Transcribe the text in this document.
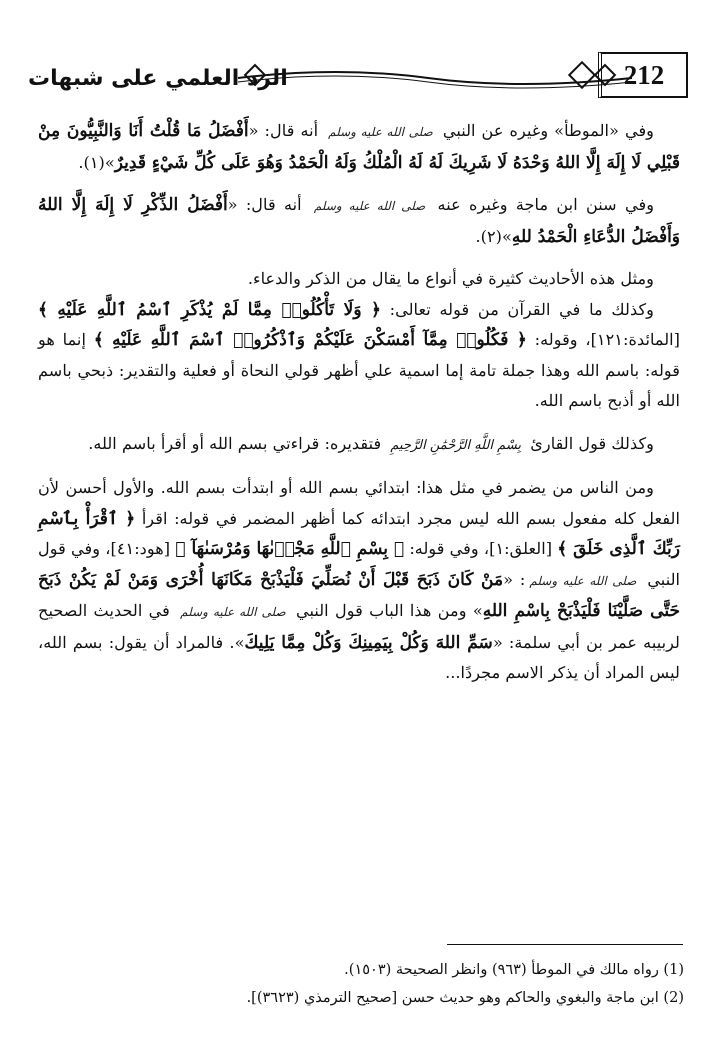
212
الرد العلمي على شبهات

وفي «الموطأ» وغيره عن النبي صلى الله عليه وسلم أنه قال: «أَفْضَلُ مَا قُلْتُ أَنَا وَالنَّبِيُّونَ مِنْ قَبْلِي لَا إِلَهَ إِلَّا اللهُ وَحْدَهُ لَا شَرِيكَ لَهُ لَهُ الْمُلْكُ وَلَهُ الْحَمْدُ وَهُوَ عَلَى كُلِّ شَيْءٍ قَدِيرٌ»(١).

وفي سنن ابن ماجة وغيره عنه صلى الله عليه وسلم أنه قال: «أَفْضَلُ الذِّكْرِ لَا إِلَهَ إِلَّا اللهُ وَأَفْضَلُ الدُّعَاءِ الْحَمْدُ للهِ»(٢).

ومثل هذه الأحاديث كثيرة في أنواع ما يقال من الذكر والدعاء.

وكذلك ما في القرآن من قوله تعالى: ﴿ وَلَا تَأْكُلُوا۟ مِمَّا لَمْ يُذْكَرِ ٱسْمُ ٱللَّهِ عَلَيْهِ ﴾ [المائدة:١٢١]، وقوله: ﴿ فَكُلُوا۟ مِمَّآ أَمْسَكْنَ عَلَيْكُمْ وَٱذْكُرُوا۟ ٱسْمَ ٱللَّهِ عَلَيْهِ ﴾ إنما هو قوله: باسم الله وهذا جملة تامة إما اسمية علي أظهر قولي النحاة أو فعلية والتقدير: ذبحي باسم الله أو أذبح باسم الله.

وكذلك قول القارئ بِسْمِ اللَّهِ الرَّحْمَٰنِ الرَّحِيمِ فتقديره: قراءتي بسم الله أو أقرأ باسم الله.

ومن الناس من يضمر في مثل هذا: ابتدائي بسم الله أو ابتدأت بسم الله. والأول أحسن لأن الفعل كله مفعول بسم الله ليس مجرد ابتدائه كما أظهر المضمر في قوله: اقرأ ﴿ ٱقْرَأْ بِٱسْمِ رَبِّكَ ٱلَّذِى خَلَقَ ﴾ [العلق:١]، وفي قوله: ﴿ بِسْمِ ٱللَّهِ مَجْر۪ىٰهَا وَمُرْسَىٰهَآ ﴾ [هود:٤١]، وفي قول النبي صلى الله عليه وسلم: «مَنْ كَانَ ذَبَحَ قَبْلَ أَنْ نُصَلِّيَ فَلْيَذْبَحْ مَكَانَهَا أُخْرَى وَمَنْ لَمْ يَكُنْ ذَبَحَ حَتَّى صَلَّيْنَا فَلْيَذْبَحْ بِاسْمِ اللهِ» ومن هذا الباب قول النبي صلى الله عليه وسلم في الحديث الصحيح لربيبه عمر بن أبي سلمة: «سَمِّ اللهَ وَكُلْ بِيَمِينِكَ وَكُلْ مِمَّا يَلِيكَ». فالمراد أن يقول: بسم الله، ليس المراد أن يذكر الاسم مجردًا...

(1) رواه مالك في الموطأ (٩٦٣) وانظر الصحيحة (١٥٠٣).

(2) ابن ماجة والبغوي والحاكم وهو حديث حسن [صحيح الترمذي (٣٦٢٣)].
